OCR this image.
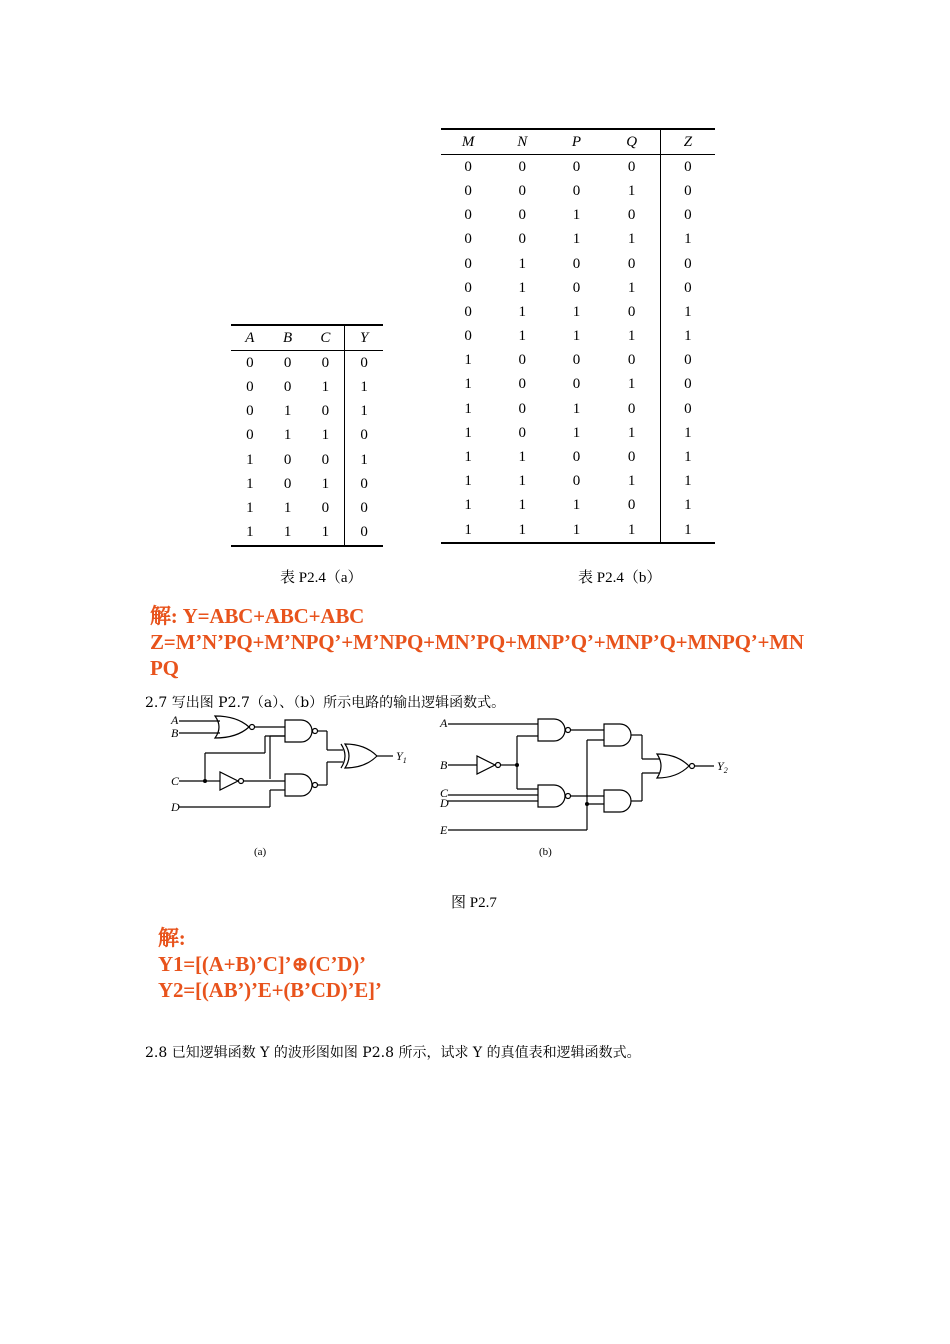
M	N	P	Q	Z
0	0	0	0	0
0	0	0	1	0
0	0	1	0	0
0	0	1	1	1
0	1	0	0	0
0	1	0	1	0
0	1	1	0	1
0	1	1	1	1
1	0	0	0	0
1	0	0	1	0
1	0	1	0	0
1	0	1	1	1
1	1	0	0	1
1	1	0	1	1
1	1	1	0	1
1	1	1	1	1
A	B	C	Y
0	0	0	0
0	0	1	1
0	1	0	1
0	1	1	0
1	0	0	1
1	0	1	0
1	1	0	0
1	1	1	0
表 P2.4（a）	表 P2.4（b）
解: Y=ABC+ABC+ABC
Z=M’N’PQ+M’NPQ’+M’NPQ+MN’PQ+MNP’Q’+MNP’Q+MNPQ’+MN
PQ
2.7 写出图 P2.7（a）、（b）所示电路的输出逻辑函数式。
A
B
C
D
$Y_1$
(a)
A
B
C
D
E
$Y_2$
(b)
图 P2.7
解:
Y1=[(A+B)’C]’⊕(C’D)’
Y2=[(AB’)’E+(B’CD)’E]’
2.8 已知逻辑函数 Y 的波形图如图 P2.8 所示，试求 Y 的真值表和逻辑函数式。
